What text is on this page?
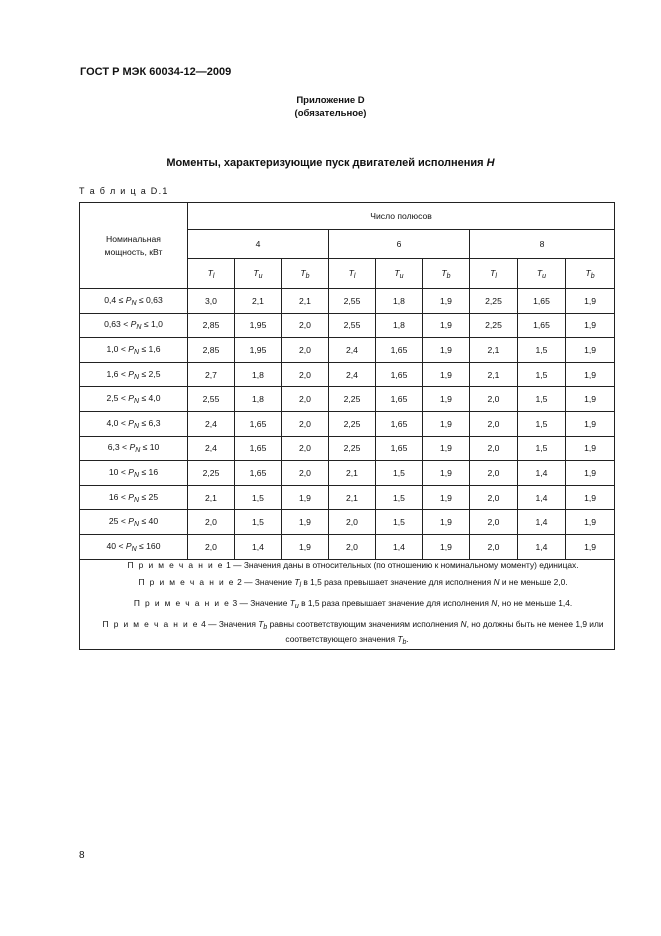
ГОСТ Р МЭК 60034-12—2009
Приложение D
(обязательное)
Моменты, характеризующие пуск двигателей исполнения H
Т а б л и ц а D.1
Номинальная мощность, кВт	Число полюсов								
	4			6			8		
	$T_l$	$T_u$	$T_b$	$T_l$	$T_u$	$T_b$	$T_l$	$T_u$	$T_b$
$0,4 \le P_N \le 0,63$	3,0	2,1	2,1	2,55	1,8	1,9	2,25	1,65	1,9
$0,63 < P_N \le 1,0$	2,85	1,95	2,0	2,55	1,8	1,9	2,25	1,65	1,9
$1,0 < P_N \le 1,6$	2,85	1,95	2,0	2,4	1,65	1,9	2,1	1,5	1,9
$1,6 < P_N \le 2,5$	2,7	1,8	2,0	2,4	1,65	1,9	2,1	1,5	1,9
$2,5 < P_N \le 4,0$	2,55	1,8	2,0	2,25	1,65	1,9	2,0	1,5	1,9
$4,0 < P_N \le 6,3$	2,4	1,65	2,0	2,25	1,65	1,9	2,0	1,5	1,9
$6,3 < P_N \le 10$	2,4	1,65	2,0	2,25	1,65	1,9	2,0	1,5	1,9
$10 < P_N \le 16$	2,25	1,65	2,0	2,1	1,5	1,9	2,0	1,4	1,9
$16 < P_N \le 25$	2,1	1,5	1,9	2,1	1,5	1,9	2,0	1,4	1,9
$25 < P_N \le 40$	2,0	1,5	1,9	2,0	1,5	1,9	2,0	1,4	1,9
$40 < P_N \le 160$	2,0	1,4	1,9	2,0	1,4	1,9	2,0	1,4	1,9

П р и м е ч а н и е 1 — Значения даны в относительных (по отношению к номинальному моменту) единицах.
П р и м е ч а н и е 2 — Значение $T_l$ в 1,5 раза превышает значение для исполнения N и не меньше 2,0.
П р и м е ч а н и е 3 — Значение $T_u$ в 1,5 раза превышает значение для исполнения N, но не меньше 1,4.
П р и м е ч а н и е 4 — Значения $T_b$ равны соответствующим значениям исполнения N, но должны быть не менее 1,9 или соответствующего значения $T_b$.									
8
